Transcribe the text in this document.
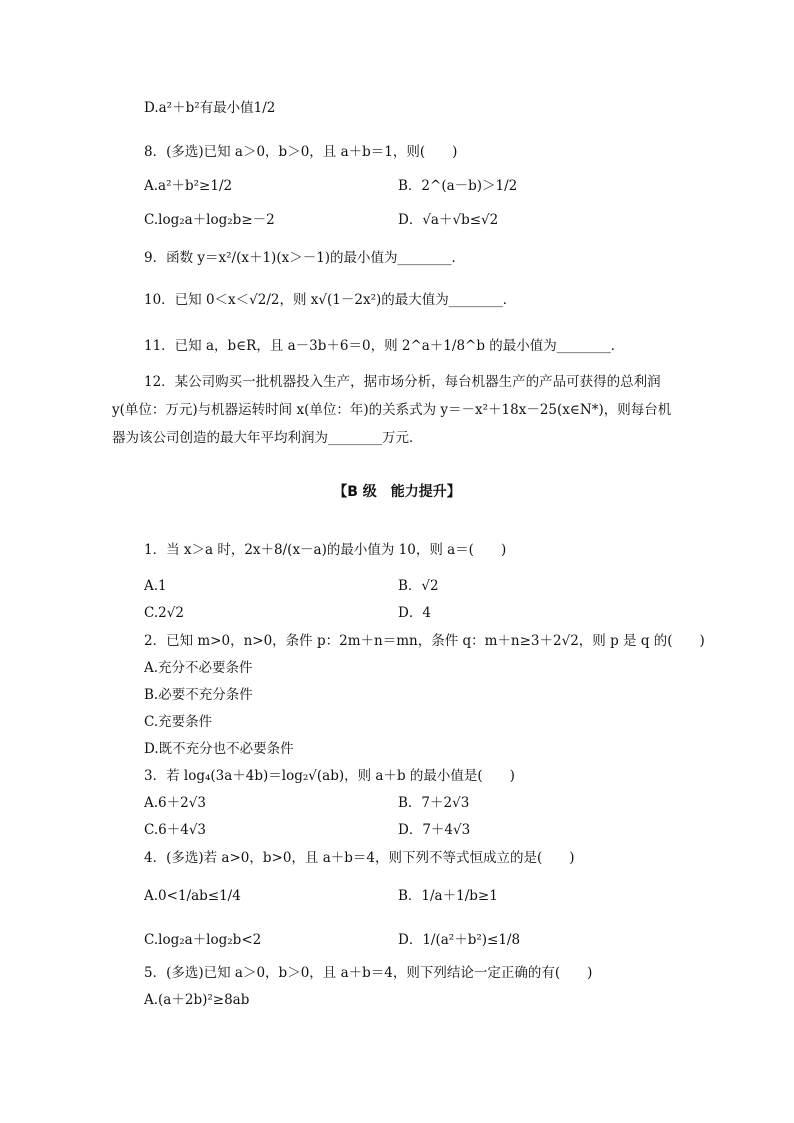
D.a²＋b²有最小值1/2
8．(多选)已知 a＞0，b＞0，且 a＋b＝1，则(　　)
A.a²＋b²≥1/2	B．2^(a－b)＞1/2
C.log₂a＋log₂b≥－2	D．√a＋√b≤√2
9．函数 y＝x²/(x＋1)(x＞－1)的最小值为________．
10．已知 0＜x＜√2/2，则 x√(1－2x²)的最大值为________．
11．已知 a，b∈R，且 a－3b＋6＝0，则 2^a＋1/8^b 的最小值为________．
12．某公司购买一批机器投入生产，据市场分析，每台机器生产的产品可获得的总利润
y(单位：万元)与机器运转时间 x(单位：年)的关系式为 y＝－x²＋18x－25(x∈N*)，则每台机
器为该公司创造的最大年平均利润为________万元．
【B 级　能力提升】
1．当 x＞a 时，2x＋8/(x－a)的最小值为 10，则 a＝(　　)
A.1	B．√2
C.2√2	D．4
2．已知 m>0，n>0，条件 p：2m＋n＝mn，条件 q：m＋n≥3＋2√2，则 p 是 q 的(　　)
A.充分不必要条件
B.必要不充分条件
C.充要条件
D.既不充分也不必要条件
3．若 log₄(3a＋4b)＝log₂√(ab)，则 a＋b 的最小值是(　　)
A.6＋2√3	B．7＋2√3
C.6＋4√3	D．7＋4√3
4．(多选)若 a>0，b>0，且 a＋b＝4，则下列不等式恒成立的是(　　)
A.0<1/ab≤1/4	B．1/a＋1/b≥1
C.log₂a＋log₂b<2	D．1/(a²＋b²)≤1/8
5．(多选)已知 a＞0，b＞0，且 a＋b＝4，则下列结论一定正确的有(　　)
A.(a＋2b)²≥8ab
